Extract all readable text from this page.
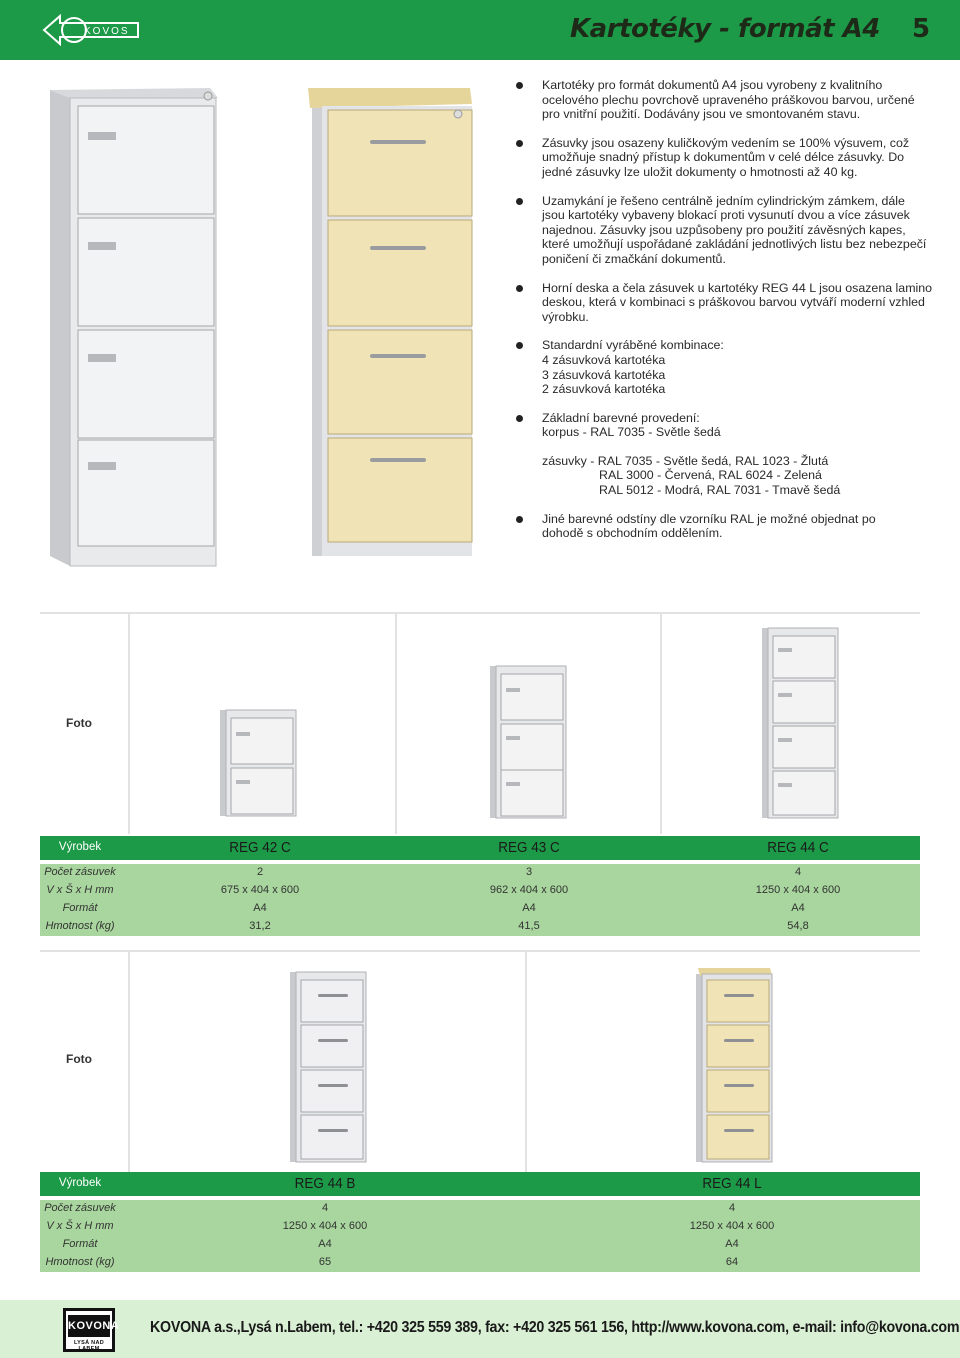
KOVOS	Kartotéky - formát A4 5
Kartotéky pro formát dokumentů A4 jsou vyrobeny z kvalitního
ocelového plechu povrchově upraveného práškovou barvou, určené
pro vnitřní použití. Dodávány jsou ve smontovaném stavu.
Zásuvky jsou osazeny kuličkovým vedením se 100% výsuvem, což
umožňuje snadný přístup k dokumentům v celé délce zásuvky. Do
jedné zásuvky lze uložit dokumenty o hmotnosti až 40 kg.
Uzamykání je řešeno centrálně jedním cylindrickým zámkem, dále
jsou kartotéky vybaveny blokací proti vysunutí dvou a více zásuvek
najednou. Zásuvky jsou uzpůsobeny pro použití závěsných kapes,
které umožňují uspořádané zakládání jednotlivých listu bez nebezpečí
poničení či zmačkání dokumentů.
Horní deska a čela zásuvek u kartotéky REG 44 L jsou osazena lamino
deskou, která v kombinaci s práškovou barvou vytváří moderní vzhled
výrobku.
Standardní vyráběné kombinace:
4 zásuvková kartotéka
3 zásuvková kartotéka
2 zásuvková kartotéka
Základní barevné provedení:
korpus - RAL 7035 - Světle šedá
zásuvky - RAL 7035 - Světle šedá, RAL 1023 - Žlutá
RAL 3000 - Červená, RAL 6024 - Zelená
RAL 5012 - Modrá, RAL 7031 - Tmavě šedá
Jiné barevné odstíny dle vzorníku RAL je možné objednat po
dohodě s obchodním oddělením.
Foto
Výrobek	REG 42 C	REG 43 C	REG 44 C
Počet zásuvek	2	3	4
V x Š x H mm	675 x 404 x 600	962 x 404 x 600	1250 x 404 x 600
Formát	A4	A4	A4
Hmotnost (kg)	31,2	41,5	54,8
Foto
Výrobek	REG 44 B	REG 44 L
Počet zásuvek	4	4
V x Š x H mm	1250 x 404 x 600	1250 x 404 x 600
Formát	A4	A4
Hmotnost (kg)	65	64
KOVONA
LYSÁ NAD LABEM
KOVONA a.s.,Lysá n.Labem, tel.: +420 325 559 389, fax: +420 325 561 156, http://www.kovona.com, e-mail: info@kovona.com
